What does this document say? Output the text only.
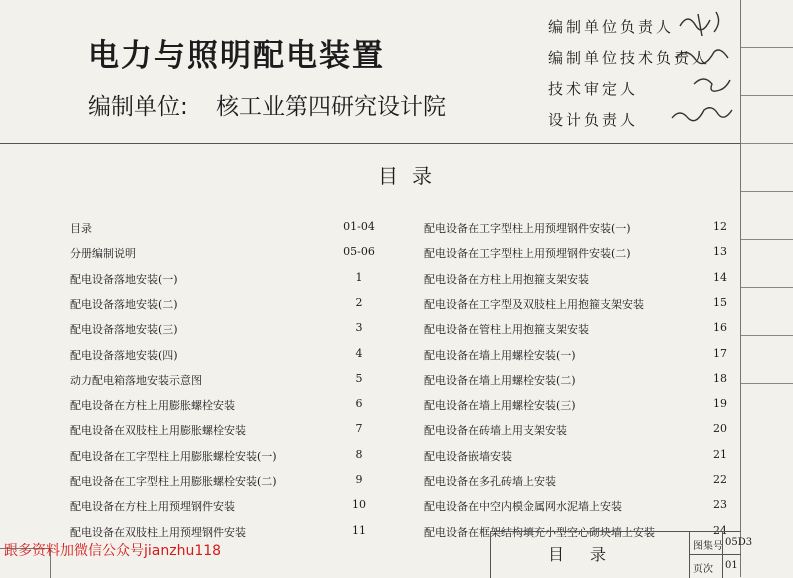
电力与照明配电装置
编制单位: 核工业第四研究设计院
编制单位负责人
编制单位技术负责人
技术审定人
设计负责人
目录
目录	01-04
分册编制说明	05-06
配电设备落地安装(一)	1
配电设备落地安装(二)	2
配电设备落地安装(三)	3
配电设备落地安装(四)	4
动力配电箱落地安装示意图	5
配电设备在方柱上用膨胀螺栓安装	6
配电设备在双肢柱上用膨胀螺栓安装	7
配电设备在工字型柱上用膨胀螺栓安装(一)	8
配电设备在工字型柱上用膨胀螺栓安装(二)	9
配电设备在方柱上用预埋钢件安装	10
配电设备在双肢柱上用预埋钢件安装	11
配电设备在工字型柱上用预埋钢件安装(一)	12
配电设备在工字型柱上用预埋钢件安装(二)	13
配电设备在方柱上用抱箍支架安装	14
配电设备在工字型及双肢柱上用抱箍支架安装	15
配电设备在管柱上用抱箍支架安装	16
配电设备在墙上用螺栓安装(一)	17
配电设备在墙上用螺栓安装(二)	18
配电设备在墙上用螺栓安装(三)	19
配电设备在砖墙上用支架安装	20
配电设备嵌墙安装	21
配电设备在多孔砖墙上安装	22
配电设备在中空内模金属网水泥墙上安装	23
配电设备在框架结构填充小型空心砌块墙上安装	24
目录	图集号 05D3
页次 01
跟多资料加微信公众号jianzhu118
